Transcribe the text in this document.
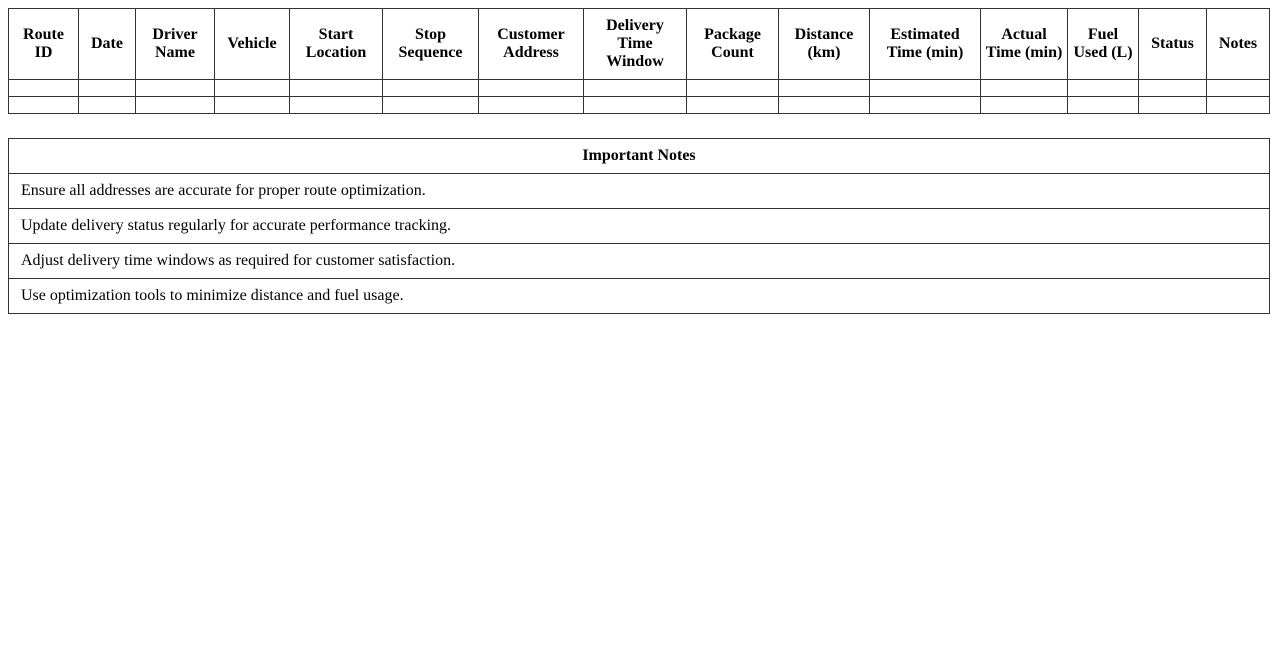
Route ID	Date	Driver Name	Vehicle	Start Location	Stop Sequence	Customer Address	Delivery Time Window	Package Count	Distance (km)	Estimated Time (min)	Actual Time (min)	Fuel Used (L)	Status	Notes

Important Notes
Ensure all addresses are accurate for proper route optimization.
Update delivery status regularly for accurate performance tracking.
Adjust delivery time windows as required for customer satisfaction.
Use optimization tools to minimize distance and fuel usage.
